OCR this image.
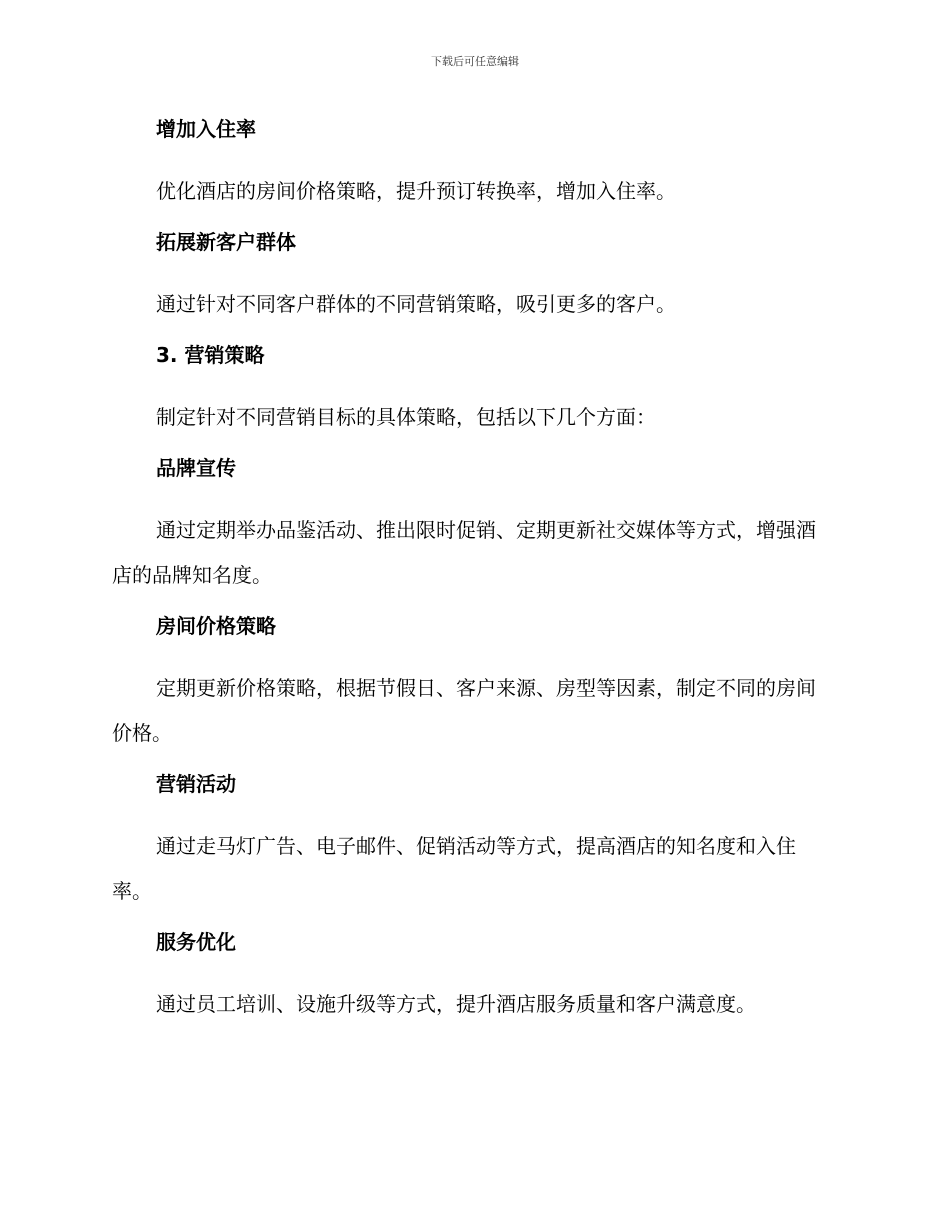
下载后可任意编辑
增加入住率

优化酒店的房间价格策略，提升预订转换率，增加入住率。

拓展新客户群体

通过针对不同客户群体的不同营销策略，吸引更多的客户。

3. 营销策略

制定针对不同营销目标的具体策略，包括以下几个方面：

品牌宣传

通过定期举办品鉴活动、推出限时促销、定期更新社交媒体等方式，增强酒店的品牌知名度。

房间价格策略

定期更新价格策略，根据节假日、客户来源、房型等因素，制定不同的房间价格。

营销活动

通过走马灯广告、电子邮件、促销活动等方式，提高酒店的知名度和入住率。

服务优化

通过员工培训、设施升级等方式，提升酒店服务质量和客户满意度。
